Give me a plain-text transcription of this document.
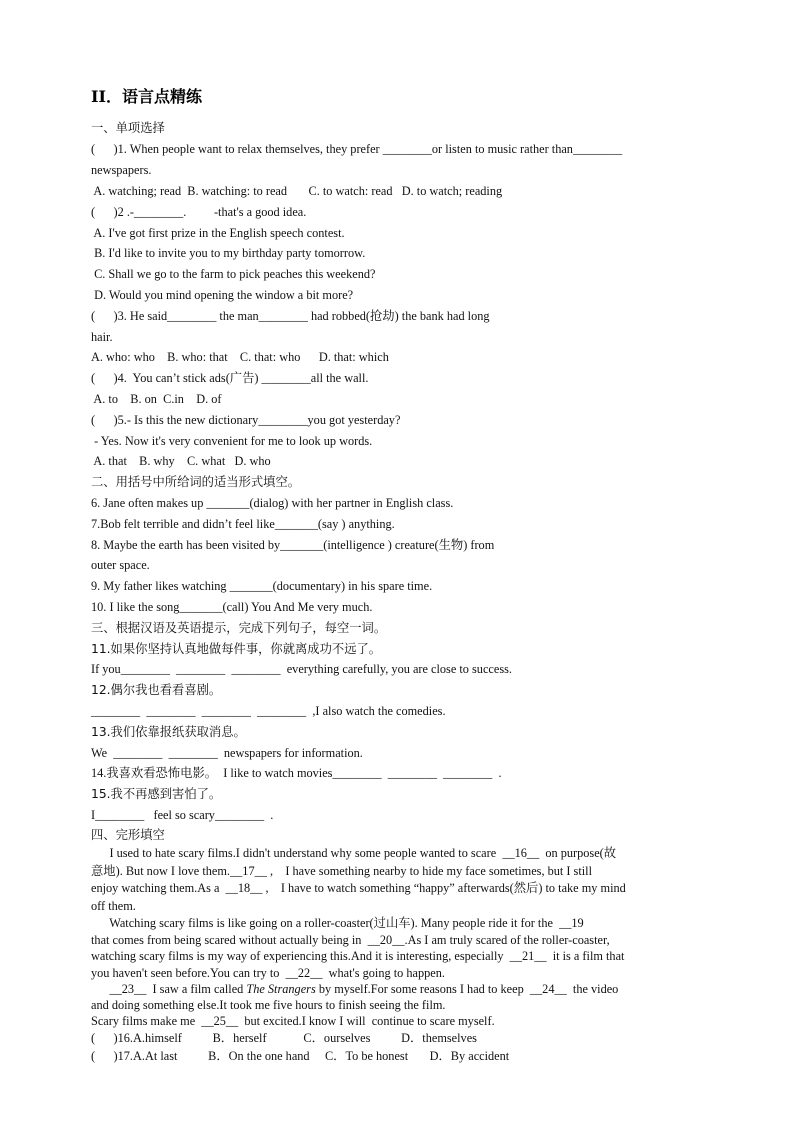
II．语言点精练
一、单项选择
(      )1. When people want to relax themselves, they prefer ________or listen to music rather than________
newspapers.
A. watching; read  B. watching: to read       C. to watch: read   D. to watch; reading
(      )2 .-________.         -that's a good idea.
A. I've got first prize in the English speech contest.
B. I'd like to invite you to my birthday party tomorrow.
C. Shall we go to the farm to pick peaches this weekend?
D. Would you mind opening the window a bit more?
(      )3. He said________ the man________ had robbed(抢劫) the bank had long
hair.
A. who: who    B. who: that    C. that: who      D. that: which
(      )4.  You can’t stick ads(广告) ________all the wall.
A. to    B. on  C.in    D. of
(      )5.- Is this the new dictionary________you got yesterday?
- Yes. Now it's very convenient for me to look up words.
A. that    B. why    C. what   D. who
二、用括号中所给词的适当形式填空。
6. Jane often makes up _______(dialog) with her partner in English class.
7.Bob felt terrible and didn’t feel like_______(say ) anything.
8. Maybe the earth has been visited by_______(intelligence ) creature(生物) from
outer space.
9. My father likes watching _______(documentary) in his spare time.
10. I like the song_______(call) You And Me very much.
三、根据汉语及英语提示，完成下列句子，每空一词。
11.如果你坚持认真地做每件事，你就离成功不远了。
If you________  ________  ________  everything carefully, you are close to success.
12.偶尔我也看看喜剧。
________  ________  ________  ________  ,I also watch the comedies.
13.我们依靠报纸获取消息。
We  ________  ________  newspapers for information.
14.我喜欢看恐怖电影。  I like to watch movies________  ________  ________  .
15.我不再感到害怕了。
I________   feel so scary________  .
四、完形填空
I used to hate scary films.I didn't understand why some people wanted to scare  __16__  on purpose(故
意地). But now I love them.__17__ ,    I have something nearby to hide my face sometimes, but I still
enjoy watching them.As a  __18__ ,    I have to watch something “happy” afterwards(然后) to take my mind
off them.
Watching scary films is like going on a roller-coaster(过山车). Many people ride it for the  __19
that comes from being scared without actually being in  __20__.As I am truly scared of the roller-coaster,
watching scary films is my way of experiencing this.And it is interesting, especially  __21__  it is a film that
you haven't seen before.You can try to  __22__  what's going to happen.
__23__  I saw a film called The Strangers by myself.For some reasons I had to keep  __24__  the video
and doing something else.It took me five hours to finish seeing the film.
Scary films make me  __25__  but excited.I know I will  continue to scare myself.
(      )16.A.himself          B．herself            C．ourselves          D．themselves
(      )17.A.At last          B．On the one hand     C．To be honest       D．By accident
